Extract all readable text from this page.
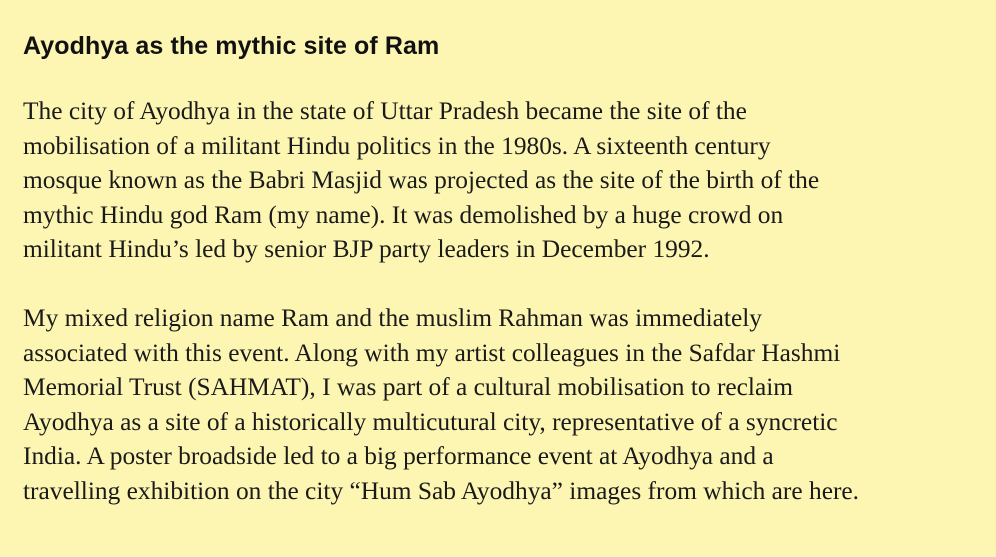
Ayodhya as the mythic site of Ram

The city of Ayodhya in the state of Uttar Pradesh became the site of the
mobilisation of a militant Hindu politics in the 1980s. A sixteenth century
mosque known as the Babri Masjid was projected as the site of the birth of the
mythic Hindu god Ram (my name). It was demolished by a huge crowd on
militant Hindu’s led by senior BJP party leaders in December 1992.

My mixed religion name Ram and the muslim Rahman was immediately
associated with this event. Along with my artist colleagues in the Safdar Hashmi
Memorial Trust (SAHMAT), I was part of a cultural mobilisation to reclaim
Ayodhya as a site of a historically multicutural city, representative of a syncretic
India. A poster broadside led to a big performance event at Ayodhya and a
travelling exhibition on the city “Hum Sab Ayodhya” images from which are here.
